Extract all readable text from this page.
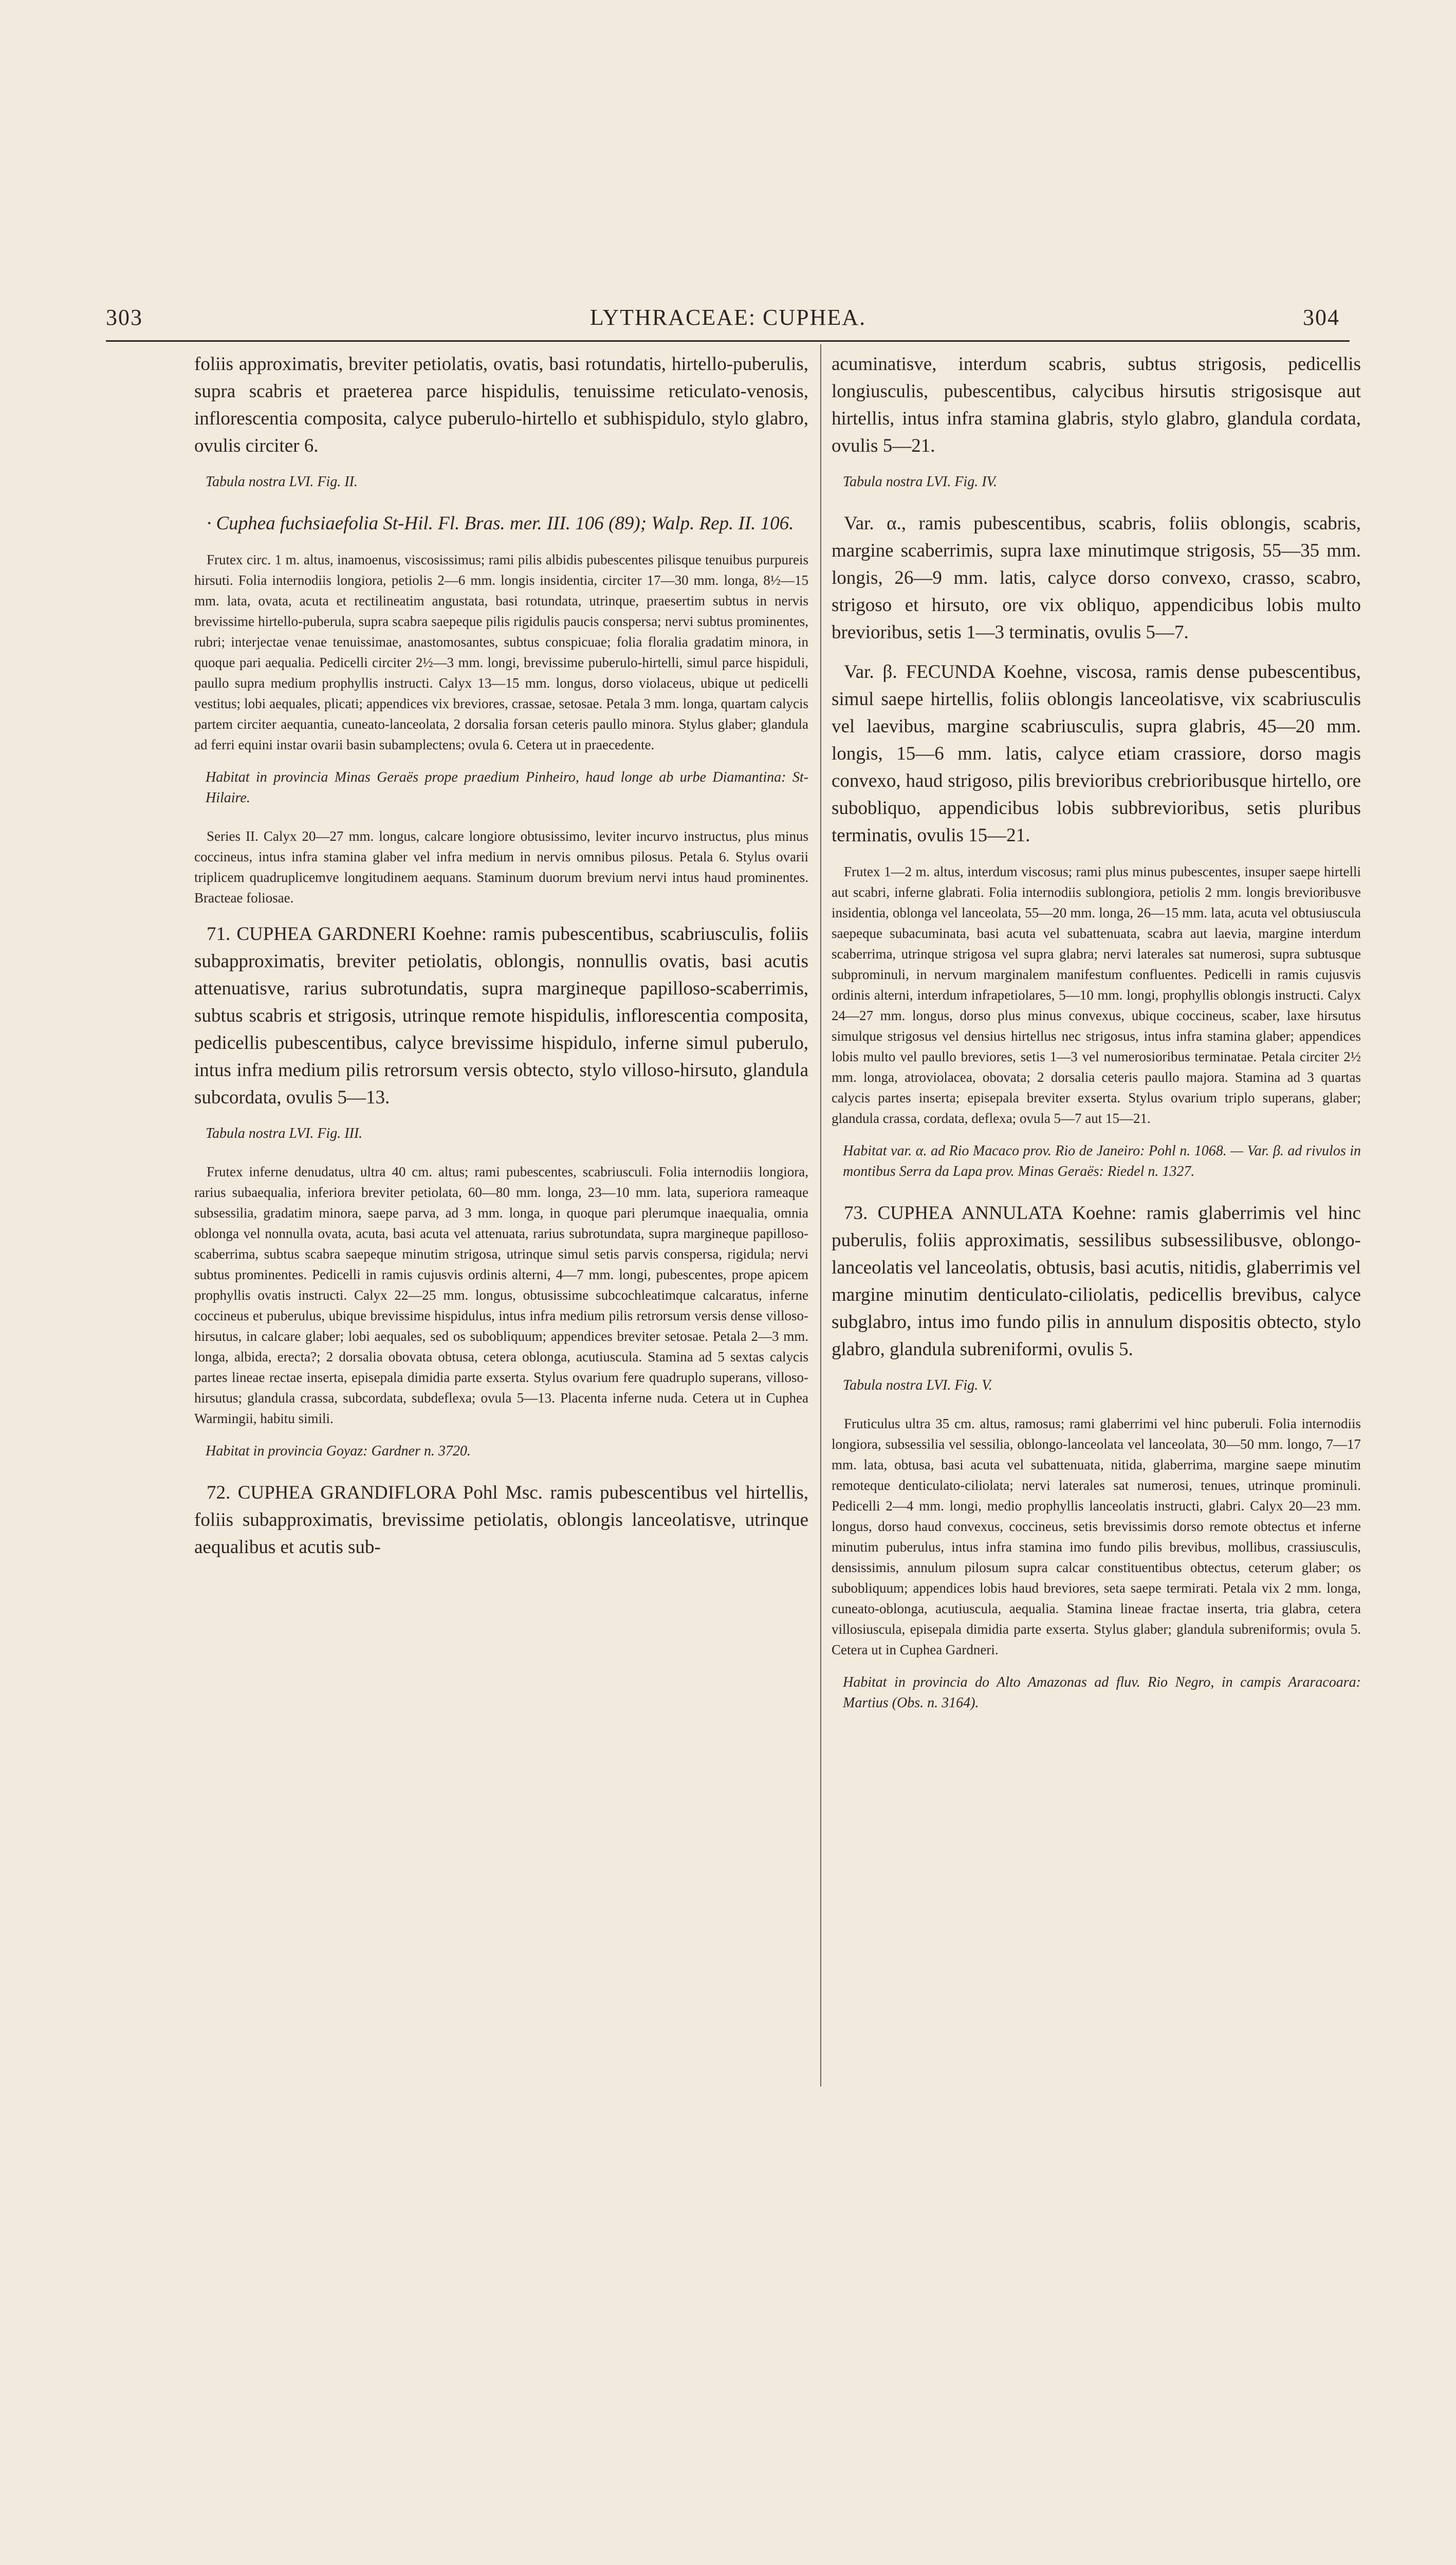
303	LYTHRACEAE: CUPHEA.	304

foliis approximatis, breviter petiolatis, ovatis, basi rotundatis, hirtello-puberulis, supra scabris et praeterea parce hispidulis, tenuissime reticulato-venosis, inflorescentia composita, calyce puberulo-hirtello et subhispidulo, stylo glabro, ovulis circiter 6.

Tabula nostra LVI. Fig. II.

· Cuphea fuchsiaefolia St-Hil. Fl. Bras. mer. III. 106 (89); Walp. Rep. II. 106.

Frutex circ. 1 m. altus, inamoenus, viscosissimus; rami pilis albidis pubescentes pilisque tenuibus purpureis hirsuti. Folia internodiis longiora, petiolis 2—6 mm. longis insidentia, circiter 17—30 mm. longa, 8½—15 mm. lata, ovata, acuta et rectilineatim angustata, basi rotundata, utrinque, praesertim subtus in nervis brevissime hirtello-puberula, supra scabra saepeque pilis rigidulis paucis conspersa; nervi subtus prominentes, rubri; interjectae venae tenuissimae, anastomosantes, subtus conspicuae; folia floralia gradatim minora, in quoque pari aequalia. Pedicelli circiter 2½—3 mm. longi, brevissime puberulo-hirtelli, simul parce hispiduli, paullo supra medium prophyllis instructi. Calyx 13—15 mm. longus, dorso violaceus, ubique ut pedicelli vestitus; lobi aequales, plicati; appendices vix breviores, crassae, setosae. Petala 3 mm. longa, quartam calycis partem circiter aequantia, cuneato-lanceolata, 2 dorsalia forsan ceteris paullo minora. Stylus glaber; glandula ad ferri equini instar ovarii basin subamplectens; ovula 6. Cetera ut in praecedente.

Habitat in provincia Minas Geraës prope praedium Pinheiro, haud longe ab urbe Diamantina: St-Hilaire.

Series II. Calyx 20—27 mm. longus, calcare longiore obtusissimo, leviter incurvo instructus, plus minus coccineus, intus infra stamina glaber vel infra medium in nervis omnibus pilosus. Petala 6. Stylus ovarii triplicem quadruplicemve longitudinem aequans. Staminum duorum brevium nervi intus haud prominentes. Bracteae foliosae.

71. CUPHEA GARDNERI Koehne: ramis pubescentibus, scabriusculis, foliis subapproximatis, breviter petiolatis, oblongis, nonnullis ovatis, basi acutis attenuatisve, rarius subrotundatis, supra margineque papilloso-scaberrimis, subtus scabris et strigosis, utrinque remote hispidulis, inflorescentia composita, pedicellis pubescentibus, calyce brevissime hispidulo, inferne simul puberulo, intus infra medium pilis retrorsum versis obtecto, stylo villoso-hirsuto, glandula subcordata, ovulis 5—13.

Tabula nostra LVI. Fig. III.

Frutex inferne denudatus, ultra 40 cm. altus; rami pubescentes, scabriusculi. Folia internodiis longiora, rarius subaequalia, inferiora breviter petiolata, 60—80 mm. longa, 23—10 mm. lata, superiora rameaque subsessilia, gradatim minora, saepe parva, ad 3 mm. longa, in quoque pari plerumque inaequalia, omnia oblonga vel nonnulla ovata, acuta, basi acuta vel attenuata, rarius subrotundata, supra margineque papilloso-scaberrima, subtus scabra saepeque minutim strigosa, utrinque simul setis parvis conspersa, rigidula; nervi subtus prominentes. Pedicelli in ramis cujusvis ordinis alterni, 4—7 mm. longi, pubescentes, prope apicem prophyllis ovatis instructi. Calyx 22—25 mm. longus, obtusissime subcochleatimque calcaratus, inferne coccineus et puberulus, ubique brevissime hispidulus, intus infra medium pilis retrorsum versis dense villoso-hirsutus, in calcare glaber; lobi aequales, sed os subobliquum; appendices breviter setosae. Petala 2—3 mm. longa, albida, erecta?; 2 dorsalia obovata obtusa, cetera oblonga, acutiuscula. Stamina ad 5 sextas calycis partes lineae rectae inserta, episepala dimidia parte exserta. Stylus ovarium fere quadruplo superans, villoso-hirsutus; glandula crassa, subcordata, subdeflexa; ovula 5—13. Placenta inferne nuda. Cetera ut in Cuphea Warmingii, habitu simili.

Habitat in provincia Goyaz: Gardner n. 3720.

72. CUPHEA GRANDIFLORA Pohl Msc. ramis pubescentibus vel hirtellis, foliis subapproximatis, brevissime petiolatis, oblongis lanceolatisve, utrinque aequalibus et acutis sub-

acuminatisve, interdum scabris, subtus strigosis, pedicellis longiusculis, pubescentibus, calycibus hirsutis strigosisque aut hirtellis, intus infra stamina glabris, stylo glabro, glandula cordata, ovulis 5—21.

Tabula nostra LVI. Fig. IV.

Var. α., ramis pubescentibus, scabris, foliis oblongis, scabris, margine scaberrimis, supra laxe minutimque strigosis, 55—35 mm. longis, 26—9 mm. latis, calyce dorso convexo, crasso, scabro, strigoso et hirsuto, ore vix obliquo, appendicibus lobis multo brevioribus, setis 1—3 terminatis, ovulis 5—7.

Var. β. FECUNDA Koehne, viscosa, ramis dense pubescentibus, simul saepe hirtellis, foliis oblongis lanceolatisve, vix scabriusculis vel laevibus, margine scabriusculis, supra glabris, 45—20 mm. longis, 15—6 mm. latis, calyce etiam crassiore, dorso magis convexo, haud strigoso, pilis brevioribus crebrioribusque hirtello, ore subobliquo, appendicibus lobis subbrevioribus, setis pluribus terminatis, ovulis 15—21.

Frutex 1—2 m. altus, interdum viscosus; rami plus minus pubescentes, insuper saepe hirtelli aut scabri, inferne glabrati. Folia internodiis sublongiora, petiolis 2 mm. longis brevioribusve insidentia, oblonga vel lanceolata, 55—20 mm. longa, 26—15 mm. lata, acuta vel obtusiuscula saepeque subacuminata, basi acuta vel subattenuata, scabra aut laevia, margine interdum scaberrima, utrinque strigosa vel supra glabra; nervi laterales sat numerosi, supra subtusque subprominuli, in nervum marginalem manifestum confluentes. Pedicelli in ramis cujusvis ordinis alterni, interdum infrapetiolares, 5—10 mm. longi, prophyllis oblongis instructi. Calyx 24—27 mm. longus, dorso plus minus convexus, ubique coccineus, scaber, laxe hirsutus simulque strigosus vel densius hirtellus nec strigosus, intus infra stamina glaber; appendices lobis multo vel paullo breviores, setis 1—3 vel numerosioribus terminatae. Petala circiter 2½ mm. longa, atroviolacea, obovata; 2 dorsalia ceteris paullo majora. Stamina ad 3 quartas calycis partes inserta; episepala breviter exserta. Stylus ovarium triplo superans, glaber; glandula crassa, cordata, deflexa; ovula 5—7 aut 15—21.

Habitat var. α. ad Rio Macaco prov. Rio de Janeiro: Pohl n. 1068. — Var. β. ad rivulos in montibus Serra da Lapa prov. Minas Geraës: Riedel n. 1327.

73. CUPHEA ANNULATA Koehne: ramis glaberrimis vel hinc puberulis, foliis approximatis, sessilibus subsessilibusve, oblongo-lanceolatis vel lanceolatis, obtusis, basi acutis, nitidis, glaberrimis vel margine minutim denticulato-ciliolatis, pedicellis brevibus, calyce subglabro, intus imo fundo pilis in annulum dispositis obtecto, stylo glabro, glandula subreniformi, ovulis 5.

Tabula nostra LVI. Fig. V.

Fruticulus ultra 35 cm. altus, ramosus; rami glaberrimi vel hinc puberuli. Folia internodiis longiora, subsessilia vel sessilia, oblongo-lanceolata vel lanceolata, 30—50 mm. longo, 7—17 mm. lata, obtusa, basi acuta vel subattenuata, nitida, glaberrima, margine saepe minutim remoteque denticulato-ciliolata; nervi laterales sat numerosi, tenues, utrinque prominuli. Pedicelli 2—4 mm. longi, medio prophyllis lanceolatis instructi, glabri. Calyx 20—23 mm. longus, dorso haud convexus, coccineus, setis brevissimis dorso remote obtectus et inferne minutim puberulus, intus infra stamina imo fundo pilis brevibus, mollibus, crassiusculis, densissimis, annulum pilosum supra calcar constituentibus obtectus, ceterum glaber; os subobliquum; appendices lobis haud breviores, seta saepe termirati. Petala vix 2 mm. longa, cuneato-oblonga, acutiuscula, aequalia. Stamina lineae fractae inserta, tria glabra, cetera villosiuscula, episepala dimidia parte exserta. Stylus glaber; glandula subreniformis; ovula 5. Cetera ut in Cuphea Gardneri.

Habitat in provincia do Alto Amazonas ad fluv. Rio Negro, in campis Araracoara: Martius (Obs. n. 3164).
